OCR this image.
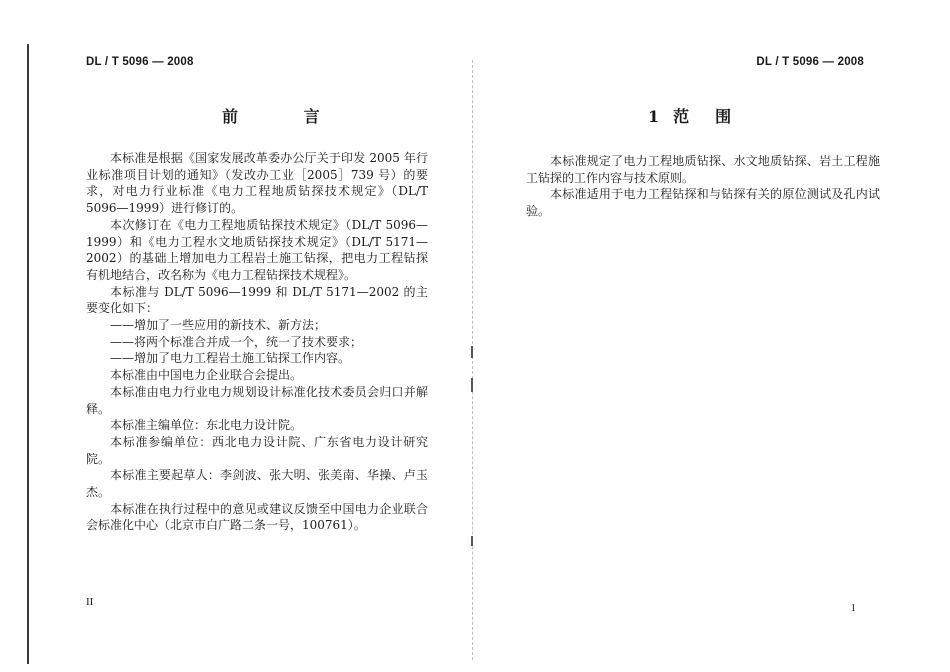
DL / T 5096 — 2008
前 言

本标准是根据《国家发展改革委办公厅关于印发 2005 年行业标准项目计划的通知》（发改办工业［2005］739 号）的要求，对电力行业标准《电力工程地质钻探技术规定》（DL/T 5096—1999）进行修订的。

本次修订在《电力工程地质钻探技术规定》（DL/T 5096—1999）和《电力工程水文地质钻探技术规定》（DL/T 5171—2002）的基础上增加电力工程岩土施工钻探，把电力工程钻探有机地结合，改名称为《电力工程钻探技术规程》。

本标准与 DL/T 5096—1999 和 DL/T 5171—2002 的主要变化如下：

——增加了一些应用的新技术、新方法；

——将两个标准合并成一个，统一了技术要求；

——增加了电力工程岩土施工钻探工作内容。

本标准由中国电力企业联合会提出。

本标准由电力行业电力规划设计标准化技术委员会归口并解释。

本标准主编单位：东北电力设计院。

本标准参编单位：西北电力设计院、广东省电力设计研究院。

本标准主要起草人：李剑波、张大明、张美南、华操、卢玉杰。

本标准在执行过程中的意见或建议反馈至中国电力企业联合会标准化中心（北京市白广路二条一号，100761）。

II
DL / T 5096 — 2008
1 范 围

本标准规定了电力工程地质钻探、水文地质钻探、岩土工程施工钻探的工作内容与技术原则。

本标准适用于电力工程钻探和与钻探有关的原位测试及孔内试验。

1
